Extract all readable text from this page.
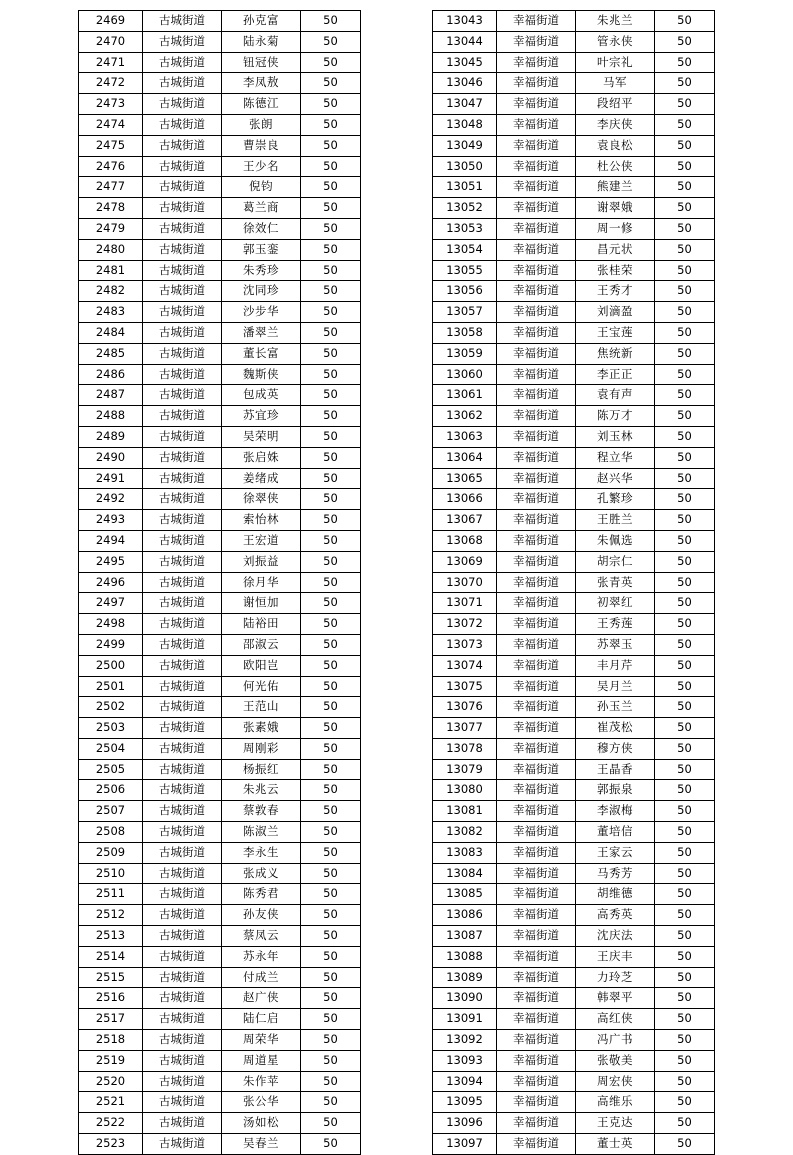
2469	古城街道	孙克富	50
2470	古城街道	陆永菊	50
2471	古城街道	钮冠侠	50
2472	古城街道	李凤敖	50
2473	古城街道	陈德江	50
2474	古城街道	张朗	50
2475	古城街道	曹崇良	50
2476	古城街道	王少名	50
2477	古城街道	倪钧	50
2478	古城街道	葛兰商	50
2479	古城街道	徐效仁	50
2480	古城街道	郭玉銮	50
2481	古城街道	朱秀珍	50
2482	古城街道	沈同珍	50
2483	古城街道	沙步华	50
2484	古城街道	潘翠兰	50
2485	古城街道	董长富	50
2486	古城街道	魏斯侠	50
2487	古城街道	包成英	50
2488	古城街道	苏宜珍	50
2489	古城街道	吴荣明	50
2490	古城街道	张启姝	50
2491	古城街道	姜绪成	50
2492	古城街道	徐翠侠	50
2493	古城街道	索怡林	50
2494	古城街道	王宏道	50
2495	古城街道	刘振益	50
2496	古城街道	徐月华	50
2497	古城街道	谢恒加	50
2498	古城街道	陆裕田	50
2499	古城街道	邵淑云	50
2500	古城街道	欧阳岂	50
2501	古城街道	何光佑	50
2502	古城街道	王范山	50
2503	古城街道	张素娥	50
2504	古城街道	周刚彩	50
2505	古城街道	杨振红	50
2506	古城街道	朱兆云	50
2507	古城街道	蔡敦春	50
2508	古城街道	陈淑兰	50
2509	古城街道	李永生	50
2510	古城街道	张成义	50
2511	古城街道	陈秀君	50
2512	古城街道	孙友侠	50
2513	古城街道	蔡凤云	50
2514	古城街道	苏永年	50
2515	古城街道	付成兰	50
2516	古城街道	赵广侠	50
2517	古城街道	陆仁启	50
2518	古城街道	周荣华	50
2519	古城街道	周道星	50
2520	古城街道	朱作苹	50
2521	古城街道	张公华	50
2522	古城街道	汤如松	50
2523	古城街道	吴春兰	50
13043	幸福街道	朱兆兰	50
13044	幸福街道	管永侠	50
13045	幸福街道	叶宗礼	50
13046	幸福街道	马军	50
13047	幸福街道	段绍平	50
13048	幸福街道	李庆侠	50
13049	幸福街道	袁良松	50
13050	幸福街道	杜公侠	50
13051	幸福街道	熊建兰	50
13052	幸福街道	谢翠娥	50
13053	幸福街道	周一修	50
13054	幸福街道	昌元状	50
13055	幸福街道	张桂荣	50
13056	幸福街道	王秀才	50
13057	幸福街道	刘滴盈	50
13058	幸福街道	王宝莲	50
13059	幸福街道	焦统新	50
13060	幸福街道	李正正	50
13061	幸福街道	袁有声	50
13062	幸福街道	陈万才	50
13063	幸福街道	刘玉林	50
13064	幸福街道	程立华	50
13065	幸福街道	赵兴华	50
13066	幸福街道	孔繁珍	50
13067	幸福街道	王胜兰	50
13068	幸福街道	朱佩选	50
13069	幸福街道	胡宗仁	50
13070	幸福街道	张青英	50
13071	幸福街道	初翠红	50
13072	幸福街道	王秀莲	50
13073	幸福街道	苏翠玉	50
13074	幸福街道	丰月芹	50
13075	幸福街道	吴月兰	50
13076	幸福街道	孙玉兰	50
13077	幸福街道	崔茂松	50
13078	幸福街道	穆方侠	50
13079	幸福街道	王晶香	50
13080	幸福街道	郭振泉	50
13081	幸福街道	李淑梅	50
13082	幸福街道	董培信	50
13083	幸福街道	王家云	50
13084	幸福街道	马秀芳	50
13085	幸福街道	胡维德	50
13086	幸福街道	高秀英	50
13087	幸福街道	沈庆法	50
13088	幸福街道	王庆丰	50
13089	幸福街道	力玲芝	50
13090	幸福街道	韩翠平	50
13091	幸福街道	高红侠	50
13092	幸福街道	冯广书	50
13093	幸福街道	张敬美	50
13094	幸福街道	周宏侠	50
13095	幸福街道	高维乐	50
13096	幸福街道	王克达	50
13097	幸福街道	董士英	50
